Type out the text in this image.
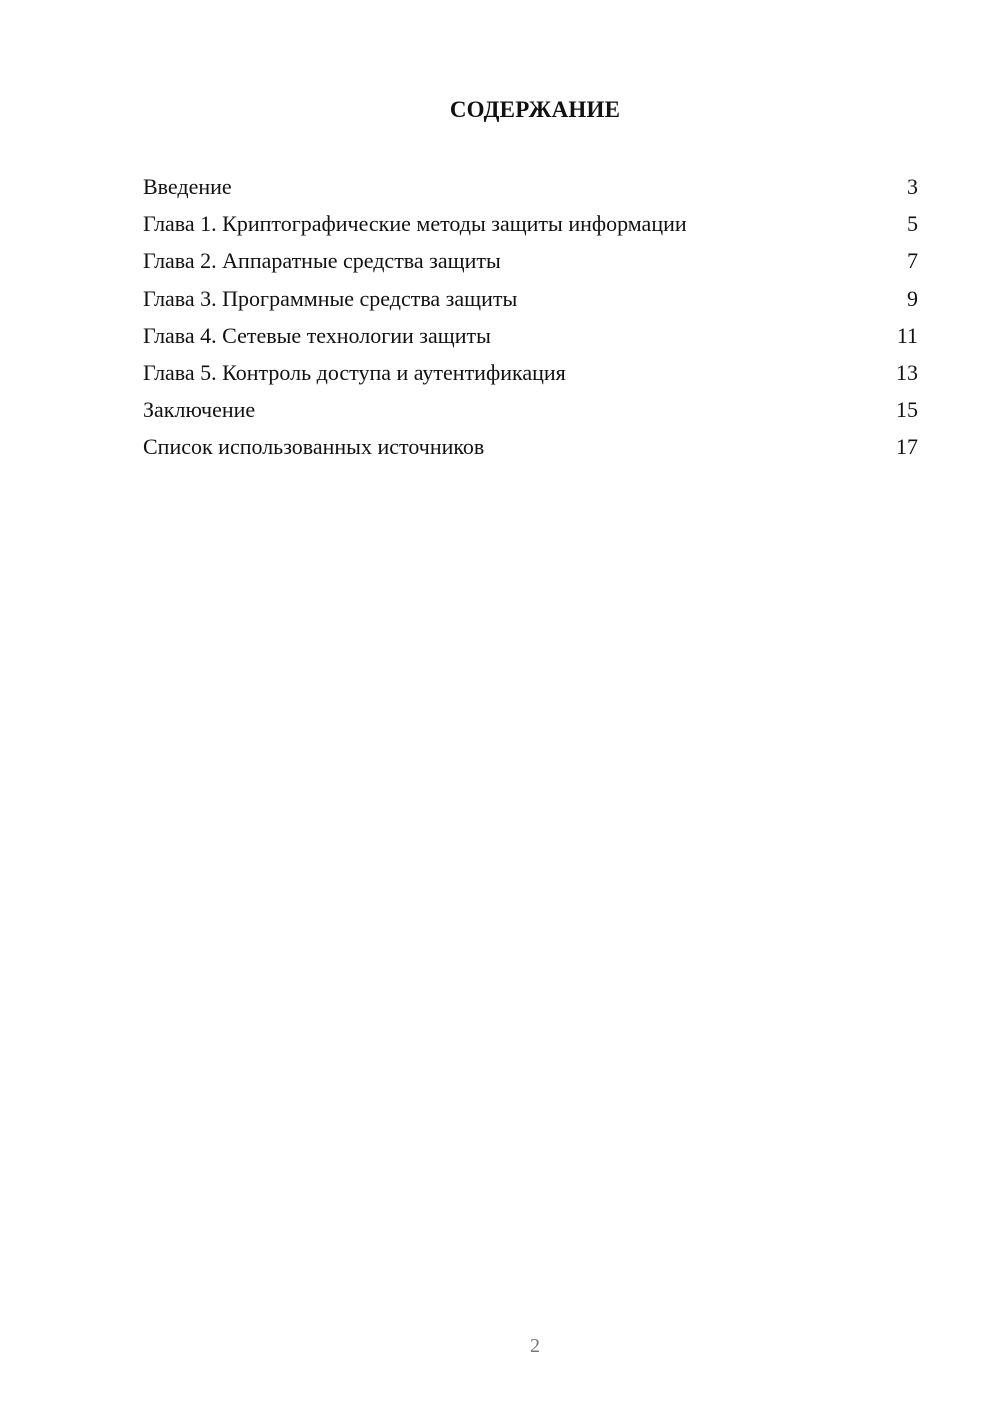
СОДЕРЖАНИЕ
Введение	3
Глава 1. Криптографические методы защиты информации	5
Глава 2. Аппаратные средства защиты	7
Глава 3. Программные средства защиты	9
Глава 4. Сетевые технологии защиты	11
Глава 5. Контроль доступа и аутентификация	13
Заключение	15
Список использованных источников	17
2
